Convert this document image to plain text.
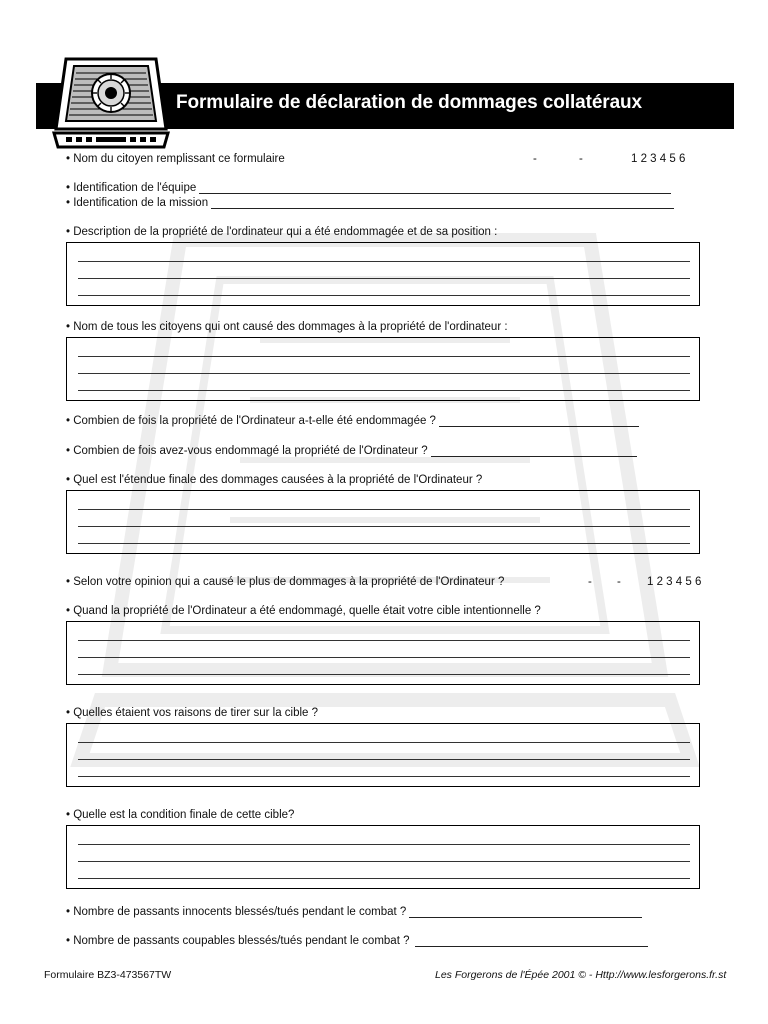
Formulaire de déclaration de dommages collatéraux
• Nom du citoyen remplissant ce formulaire	-	-	1 2 3 4 5 6
• Identification de l'équipe
• Identification de la mission
• Description de la propriété de l'ordinateur qui a été endommagée et de sa position :
• Nom de tous les citoyens qui ont causé des dommages à la propriété de l'ordinateur :
• Combien de fois la propriété de l'Ordinateur a-t-elle été endommagée ?
• Combien de fois avez-vous endommagé la propriété de l'Ordinateur ?
• Quel est l'étendue finale des dommages causées à la propriété de l'Ordinateur ?
• Selon votre opinion qui a causé le plus de dommages à la propriété de l'Ordinateur ?	- - 1 2 3 4 5 6
• Quand la propriété de l'Ordinateur a été endommagé, quelle était votre cible intentionnelle ?
• Quelles étaient vos raisons de tirer sur la cible ?
• Quelle est la condition finale de cette cible?
• Nombre de passants innocents blessés/tués pendant le combat ?
• Nombre de passants coupables blessés/tués pendant le combat ?
Formulaire BZ3-473567TW	Les Forgerons de l'Épée 2001 © - Http://www.lesforgerons.fr.st
